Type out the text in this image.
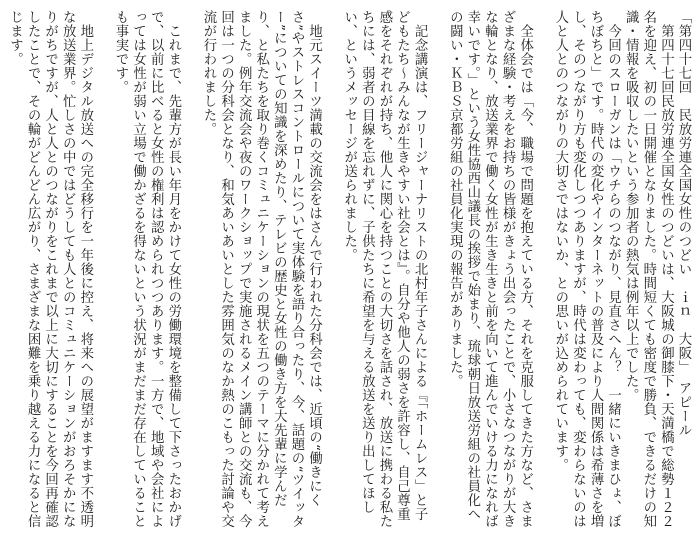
「第四十七回　民放労連全国女性のつどい　ｉｎ　大阪」　アピール

　第四十七回民放労連全国女性のつどいは、大阪城の御膝下・天満橋で総勢１２２名を迎え、初の一日開催となりました。時間短くても密度で勝負、できるだけの知識・情報を吸収したいという参加者の熱気は例年以上でした。

　今回のスローガンは「ウチらのつながり、見直さへん？　一緒にいきまひょ、ぼちぼちと」です。時代の変化やインターネットの普及により人間関係は希薄さを増し、そのつながり方も変化しつつありますが、時代は変わっても、変わらないのは人と人とのつながりの大切さではないか、との思いが込められています。

　全体会では「今、職場で問題を抱えている方、それを克服してきた方など、さまざまな経験・考えをお持ちの皆様がきょう出会ったことで、小さなつながりが大きな輪となり、放送業界で働く女性が生き生きと前を向いて進んでいける力になれば幸いです。」という女性協西山議長の挨拶で始まり、琉球朝日放送労組の社員化への闘い・ＫＢＳ京都労組の社員化実現の報告がありました。

　記念講演は、フリージャーナリストの北村年子さんによる『「ホームレス」と子どもたち〜みんなが生きやすい社会とは』。自分や他人の弱さを許容し、自己尊重感をそれぞれが持ち、他人に関心を持つことの大切さを話され、放送に携わる私たちには、弱者の目線を忘れずに、子供たちに希望を与える放送を送り出してほしい、というメッセージが送られました。

　地元スイーツ満載の交流会をはさんで行われた分科会では、近頃の“働きにくさ”やストレスコントロールについて実体験を語り合ったり、今、話題の“ツイッター”についての知識を深めたり、テレビの歴史と女性の働き方を大先輩に学んだり、と私たちを取り巻くコミュニケーションの現状を五つのテーマに分かれて考えました。例年交流会や夜のワークショップで実施されるメイン講師との交流も、今回は一つの分科会となり、和気あいあいとした雰囲気のなか熱のこもった討論や交流が行われました。

　これまで、先輩方が長い年月をかけて女性の労働環境を整備して下さったおかげで、以前に比べると女性の権利は認められつつあります。一方で、地域や会社によっては女性が弱い立場で働かざるを得ないという状況がまだまだ存在していることも事実です。

　地上デジタル放送への完全移行を一年後に控え、将来への展望がますます不透明な放送業界。忙しさの中ではどうしても人とのコミュニケーションがおろそかになりがちですが、人と人とのつながりをこれまで以上に大切にすることを今回再確認したことで、その輪がどんどん広がり、さまざまな困難を乗り越える力になると信じます。
